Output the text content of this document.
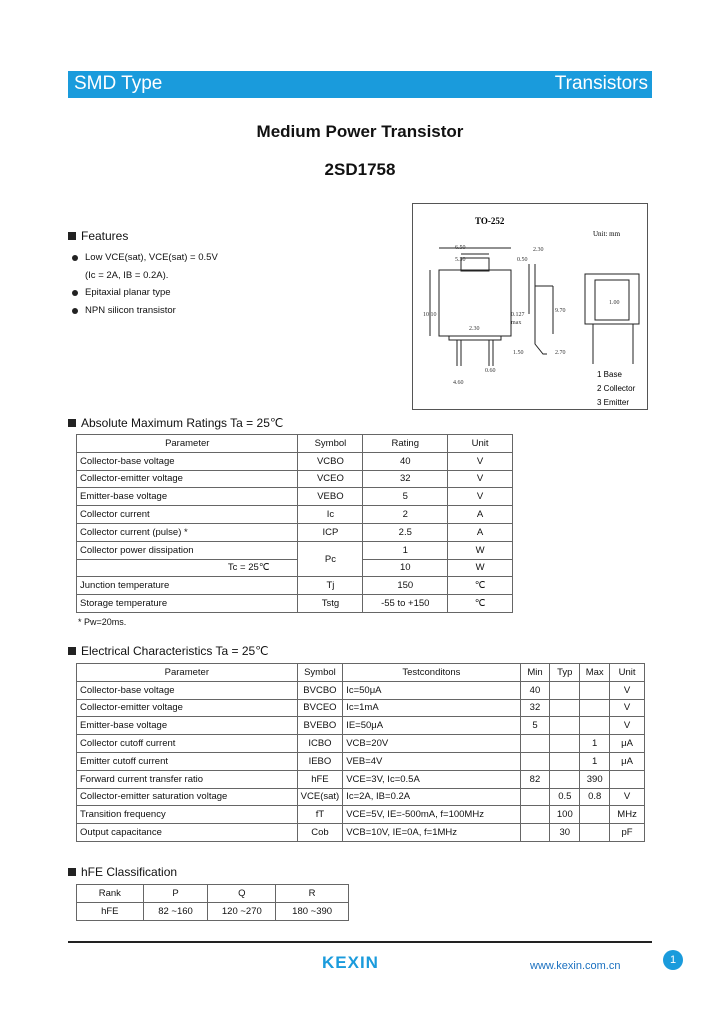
SMD Type	Transistors
Medium Power Transistor
2SD1758
Features
Low VCE(sat), VCE(sat) = 0.5V
(Ic = 2A, IB = 0.2A).
Epitaxial planar type
NPN silicon transistor
TO-252
Unit: mm
1 Base
2 Collector
3 Emitter
6.50
5.30
2.30
0.50
10.10
2.30
0.127
max
1.50
0.60
4.60
2.70
1.00
9.70
Absolute Maximum Ratings Ta = 25℃
Parameter	Symbol	Rating	Unit
Collector-base voltage	VCBO	40	V
Collector-emitter voltage	VCEO	32	V
Emitter-base voltage	VEBO	5	V
Collector current	Ic	2	A
Collector current (pulse) *	ICP	2.5	A
Collector power dissipation	Pc	1	W
Tc = 25℃		10	W
Junction temperature	Tj	150	℃
Storage temperature	Tstg	-55 to +150	℃
* Pw=20ms.
Electrical Characteristics Ta = 25℃
Parameter	Symbol	Testconditons	Min	Typ	Max	Unit
Collector-base voltage	BVCBO	Ic=50μA	40			V
Collector-emitter voltage	BVCEO	Ic=1mA	32			V
Emitter-base voltage	BVEBO	IE=50μA	5			V
Collector cutoff current	ICBO	VCB=20V			1	μA
Emitter cutoff current	IEBO	VEB=4V			1	μA
Forward current transfer ratio	hFE	VCE=3V, Ic=0.5A	82		390	
Collector-emitter saturation voltage	VCE(sat)	Ic=2A, IB=0.2A		0.5	0.8	V
Transition frequency	fT	VCE=5V, IE=-500mA, f=100MHz		100		MHz
Output capacitance	Cob	VCB=10V, IE=0A, f=1MHz		30		pF
hFE Classification
Rank	P	Q	R
hFE	82 ~160	120 ~270	180 ~390
KEXIN	www.kexin.com.cn	1
